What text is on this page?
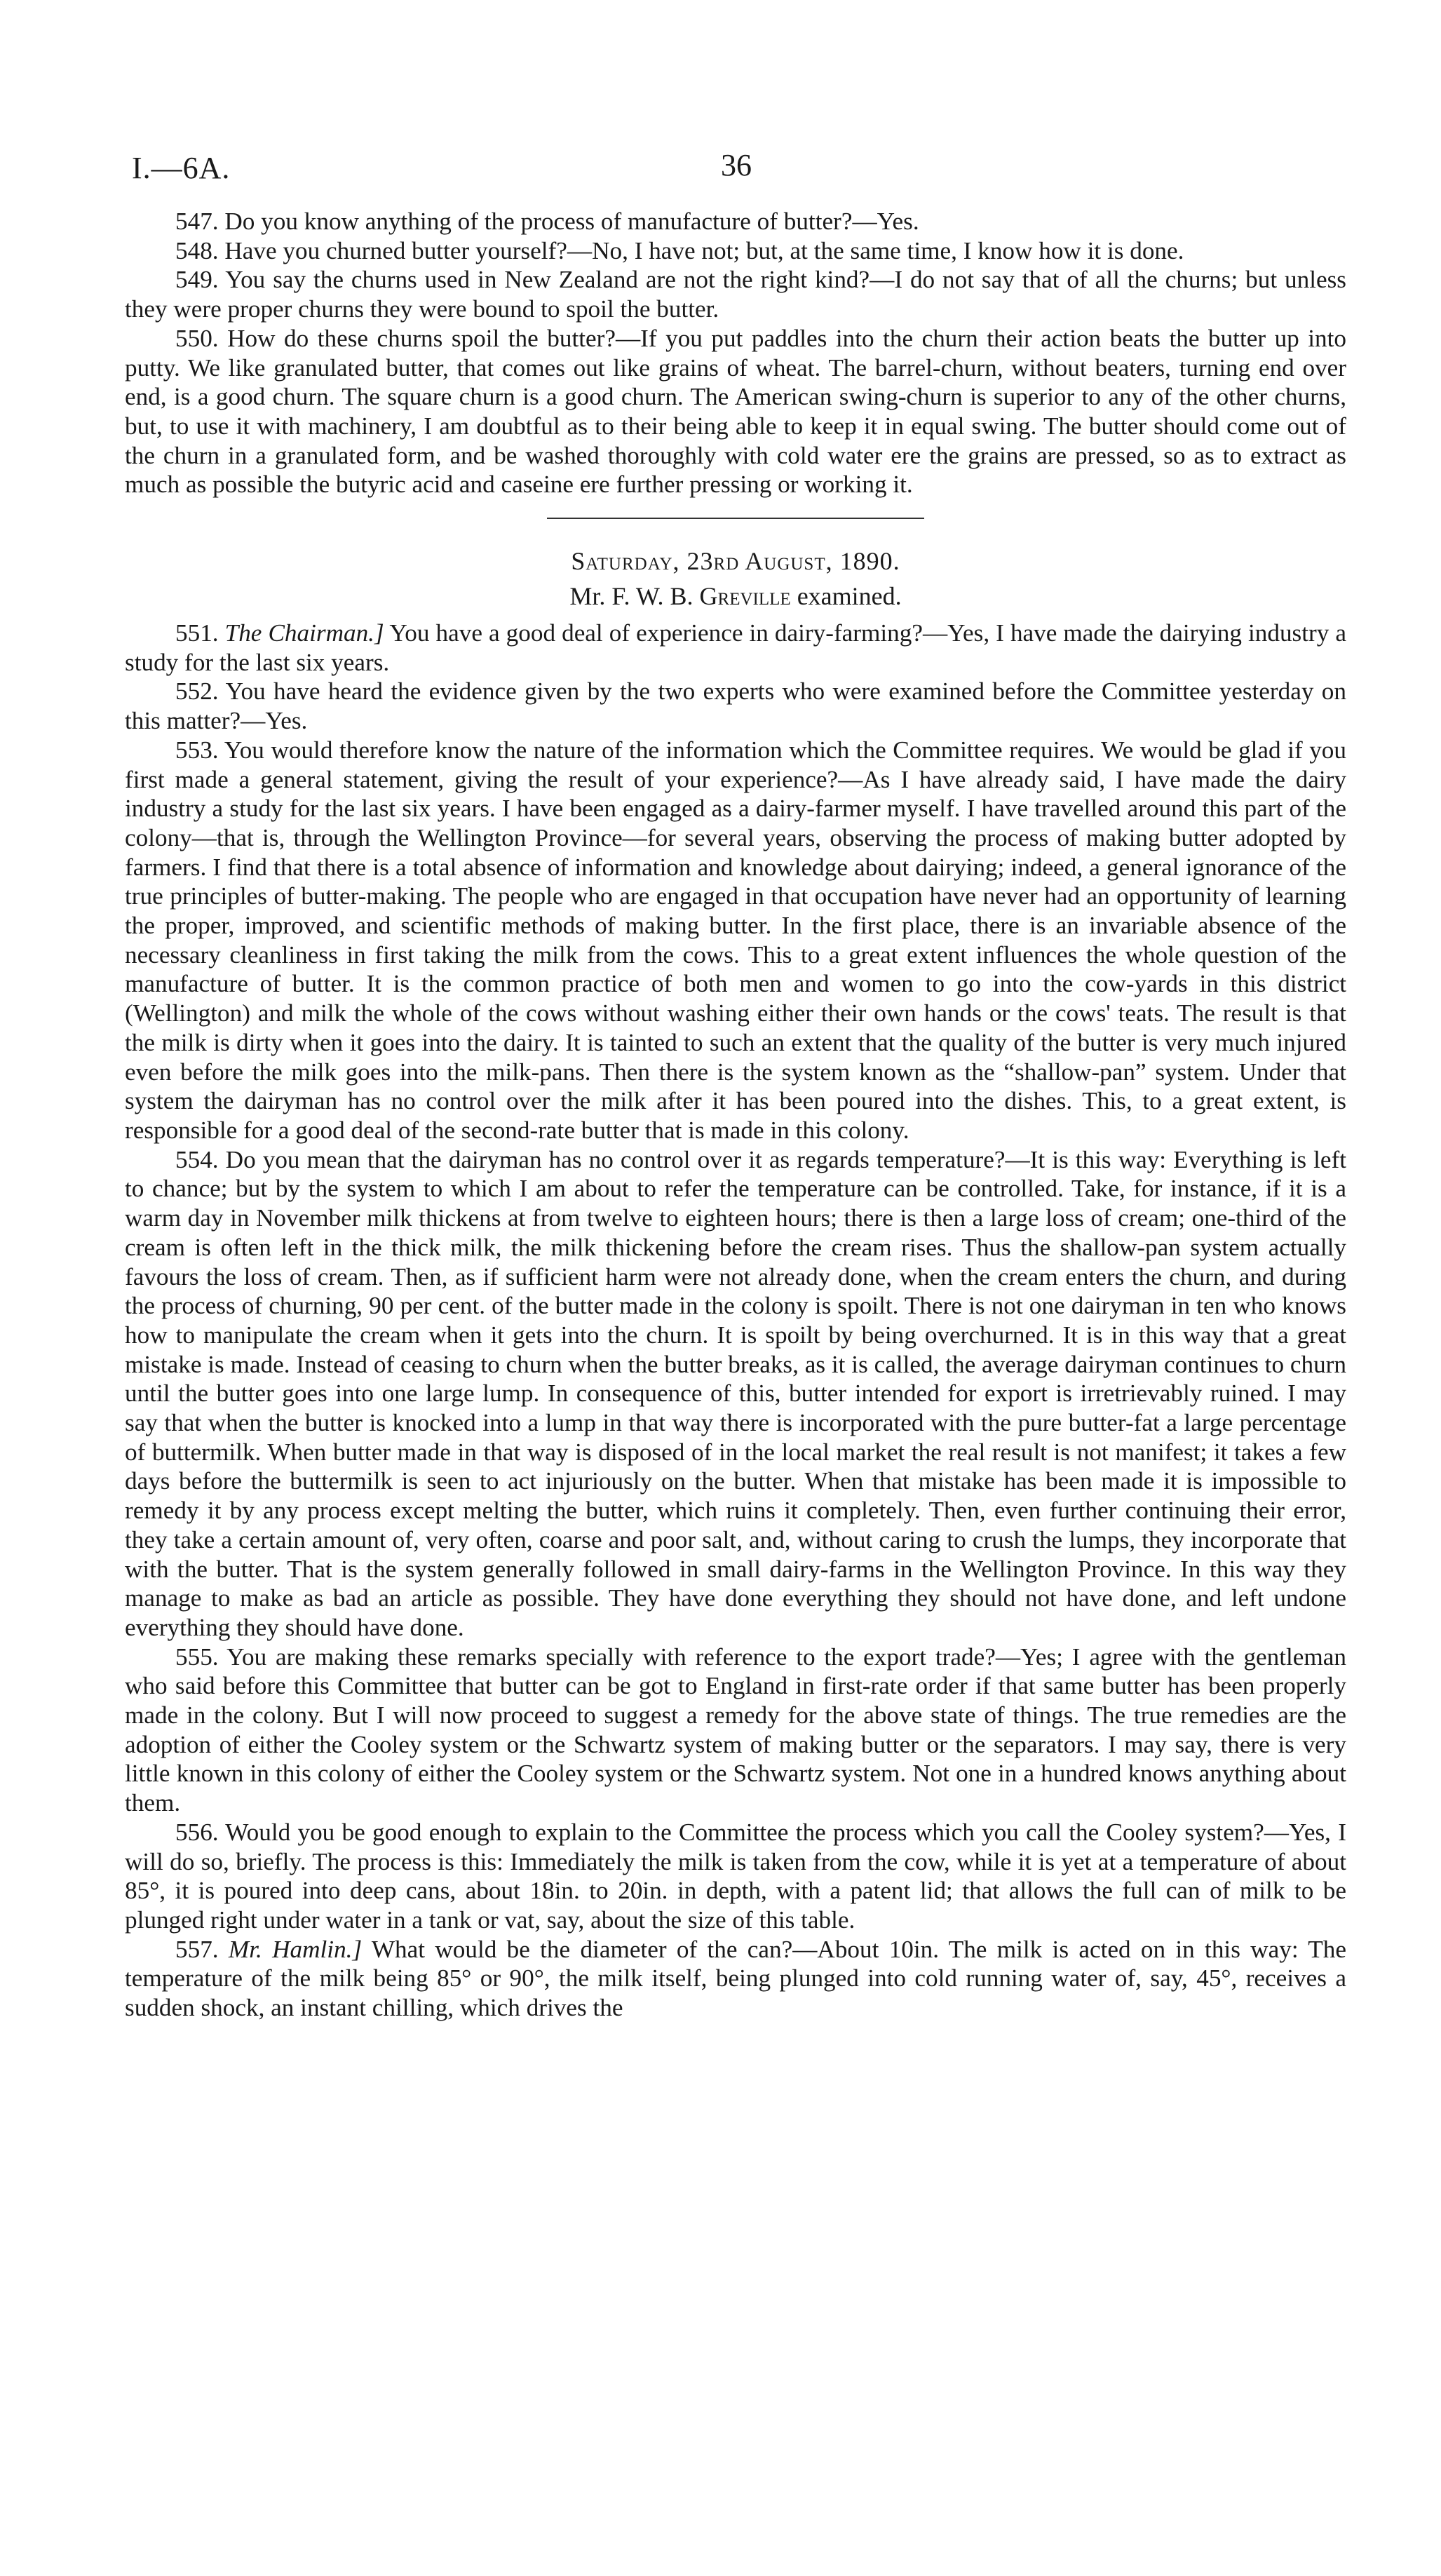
I.—6A.	36

547. Do you know anything of the process of manufacture of butter?—Yes.

548. Have you churned butter yourself?—No, I have not; but, at the same time, I know how it is done.

549. You say the churns used in New Zealand are not the right kind?—I do not say that of all the churns; but unless they were proper churns they were bound to spoil the butter.

550. How do these churns spoil the butter?—If you put paddles into the churn their action beats the butter up into putty. We like granulated butter, that comes out like grains of wheat. The barrel-churn, without beaters, turning end over end, is a good churn. The square churn is a good churn. The American swing-churn is superior to any of the other churns, but, to use it with machinery, I am doubtful as to their being able to keep it in equal swing. The butter should come out of the churn in a granulated form, and be washed thoroughly with cold water ere the grains are pressed, so as to extract as much as possible the butyric acid and caseine ere further pressing or working it.

Saturday, 23rd August, 1890.

Mr. F. W. B. Greville examined.

551. The Chairman.] You have a good deal of experience in dairy-farming?—Yes, I have made the dairying industry a study for the last six years.

552. You have heard the evidence given by the two experts who were examined before the Committee yesterday on this matter?—Yes.

553. You would therefore know the nature of the information which the Committee requires. We would be glad if you first made a general statement, giving the result of your experience?—As I have already said, I have made the dairy industry a study for the last six years. I have been engaged as a dairy-farmer myself. I have travelled around this part of the colony—that is, through the Wellington Province—for several years, observing the process of making butter adopted by farmers. I find that there is a total absence of information and knowledge about dairying; indeed, a general ignorance of the true principles of butter-making. The people who are engaged in that occupation have never had an opportunity of learning the proper, improved, and scientific methods of making butter. In the first place, there is an invariable absence of the necessary cleanliness in first taking the milk from the cows. This to a great extent influences the whole question of the manufacture of butter. It is the common practice of both men and women to go into the cow-yards in this district (Wellington) and milk the whole of the cows without washing either their own hands or the cows' teats. The result is that the milk is dirty when it goes into the dairy. It is tainted to such an extent that the quality of the butter is very much injured even before the milk goes into the milk-pans. Then there is the system known as the “shallow-pan” system. Under that system the dairyman has no control over the milk after it has been poured into the dishes. This, to a great extent, is responsible for a good deal of the second-rate butter that is made in this colony.

554. Do you mean that the dairyman has no control over it as regards temperature?—It is this way: Everything is left to chance; but by the system to which I am about to refer the temperature can be controlled. Take, for instance, if it is a warm day in November milk thickens at from twelve to eighteen hours; there is then a large loss of cream; one-third of the cream is often left in the thick milk, the milk thickening before the cream rises. Thus the shallow-pan system actually favours the loss of cream. Then, as if sufficient harm were not already done, when the cream enters the churn, and during the process of churning, 90 per cent. of the butter made in the colony is spoilt. There is not one dairyman in ten who knows how to manipulate the cream when it gets into the churn. It is spoilt by being overchurned. It is in this way that a great mistake is made. Instead of ceasing to churn when the butter breaks, as it is called, the average dairyman continues to churn until the butter goes into one large lump. In consequence of this, butter intended for export is irretrievably ruined. I may say that when the butter is knocked into a lump in that way there is incorporated with the pure butter-fat a large percentage of buttermilk. When butter made in that way is disposed of in the local market the real result is not manifest; it takes a few days before the buttermilk is seen to act injuriously on the butter. When that mistake has been made it is impossible to remedy it by any process except melting the butter, which ruins it completely. Then, even further continuing their error, they take a certain amount of, very often, coarse and poor salt, and, without caring to crush the lumps, they incorporate that with the butter. That is the system generally followed in small dairy-farms in the Wellington Province. In this way they manage to make as bad an article as possible. They have done everything they should not have done, and left undone everything they should have done.

555. You are making these remarks specially with reference to the export trade?—Yes; I agree with the gentleman who said before this Committee that butter can be got to England in first-rate order if that same butter has been properly made in the colony. But I will now proceed to suggest a remedy for the above state of things. The true remedies are the adoption of either the Cooley system or the Schwartz system of making butter or the separators. I may say, there is very little known in this colony of either the Cooley system or the Schwartz system. Not one in a hundred knows anything about them.

556. Would you be good enough to explain to the Committee the process which you call the Cooley system?—Yes, I will do so, briefly. The process is this: Immediately the milk is taken from the cow, while it is yet at a temperature of about 85°, it is poured into deep cans, about 18in. to 20in. in depth, with a patent lid; that allows the full can of milk to be plunged right under water in a tank or vat, say, about the size of this table.

557. Mr. Hamlin.] What would be the diameter of the can?—About 10in. The milk is acted on in this way: The temperature of the milk being 85° or 90°, the milk itself, being plunged into cold running water of, say, 45°, receives a sudden shock, an instant chilling, which drives the
